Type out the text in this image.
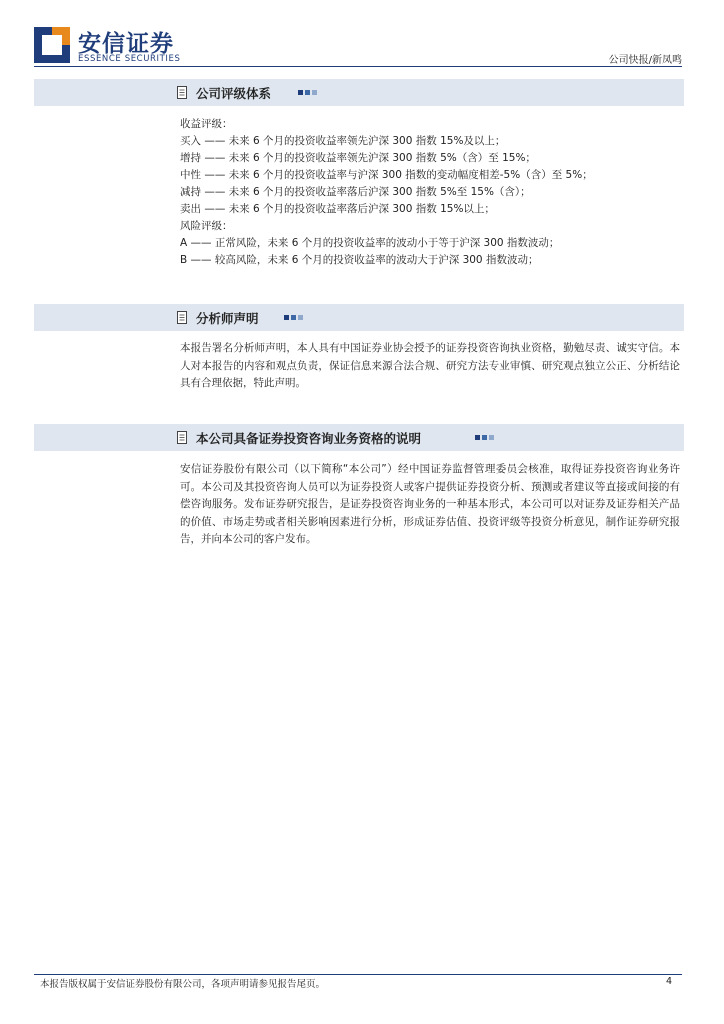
安信证券
ESSENCE SECURITIES	公司快报/新凤鸣
公司评级体系

收益评级：

买入 —— 未来 6 个月的投资收益率领先沪深 300 指数 15%及以上；

增持 —— 未来 6 个月的投资收益率领先沪深 300 指数 5%（含）至 15%；

中性 —— 未来 6 个月的投资收益率与沪深 300 指数的变动幅度相差-5%（含）至 5%；

减持 —— 未来 6 个月的投资收益率落后沪深 300 指数 5%至 15%（含）；

卖出 —— 未来 6 个月的投资收益率落后沪深 300 指数 15%以上；

风险评级：

A —— 正常风险，未来 6 个月的投资收益率的波动小于等于沪深 300 指数波动；

B —— 较高风险，未来 6 个月的投资收益率的波动大于沪深 300 指数波动；

分析师声明
本报告署名分析师声明，本人具有中国证券业协会授予的证券投资咨询执业资格，勤勉尽责、诚实守信。本人对本报告的内容和观点负责，保证信息来源合法合规、研究方法专业审慎、研究观点独立公正、分析结论具有合理依据，特此声明。
本公司具备证券投资咨询业务资格的说明
安信证券股份有限公司（以下简称“本公司”）经中国证券监督管理委员会核准，取得证券投资咨询业务许可。本公司及其投资咨询人员可以为证券投资人或客户提供证券投资分析、预测或者建议等直接或间接的有偿咨询服务。发布证券研究报告，是证券投资咨询业务的一种基本形式，本公司可以对证券及证券相关产品的价值、市场走势或者相关影响因素进行分析，形成证券估值、投资评级等投资分析意见，制作证券研究报告，并向本公司的客户发布。
本报告版权属于安信证券股份有限公司，各项声明请参见报告尾页。	4
